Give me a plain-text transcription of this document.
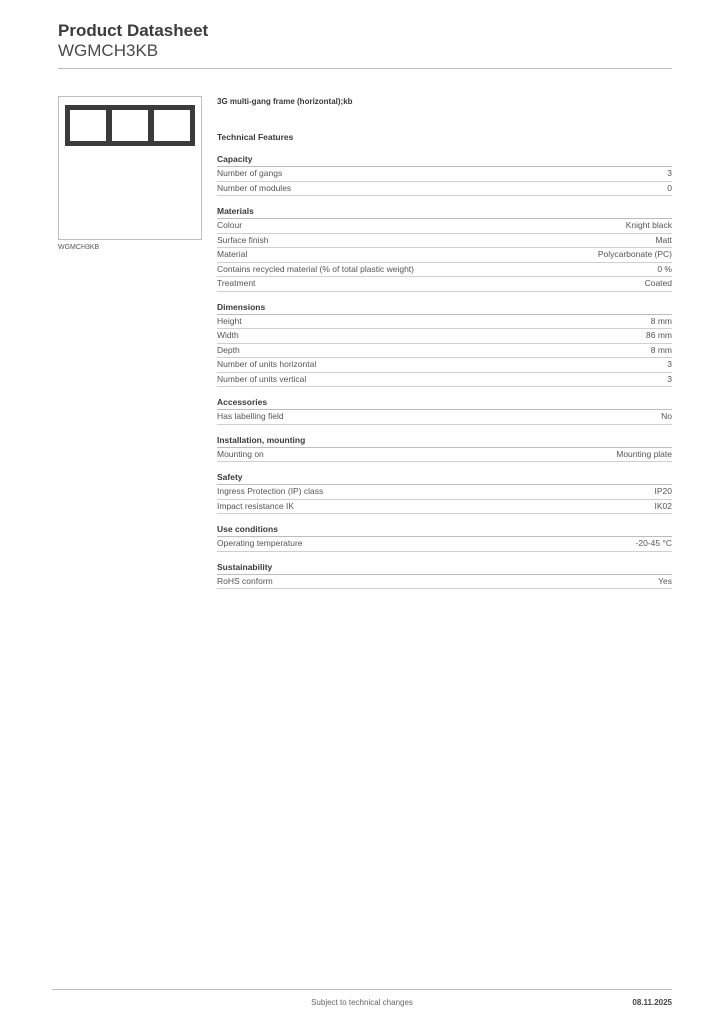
Product Datasheet
WGMCH3KB
WGMCH3KB
3G multi-gang frame (horizontal);kb
Technical Features
Capacity
Number of gangs	3
Number of modules	0
Materials
Colour	Knight black
Surface finish	Matt
Material	Polycarbonate (PC)
Contains recycled material (% of total plastic weight)	0 %
Treatment	Coated
Dimensions
Height	8 mm
Width	86 mm
Depth	8 mm
Number of units horizontal	3
Number of units vertical	3
Accessories
Has labelling field	No
Installation, mounting
Mounting on	Mounting plate
Safety
Ingress Protection (IP) class	IP20
Impact resistance IK	IK02
Use conditions
Operating temperature	-20-45 °C
Sustainability
RoHS conform	Yes
Subject to technical changes	08.11.2025
